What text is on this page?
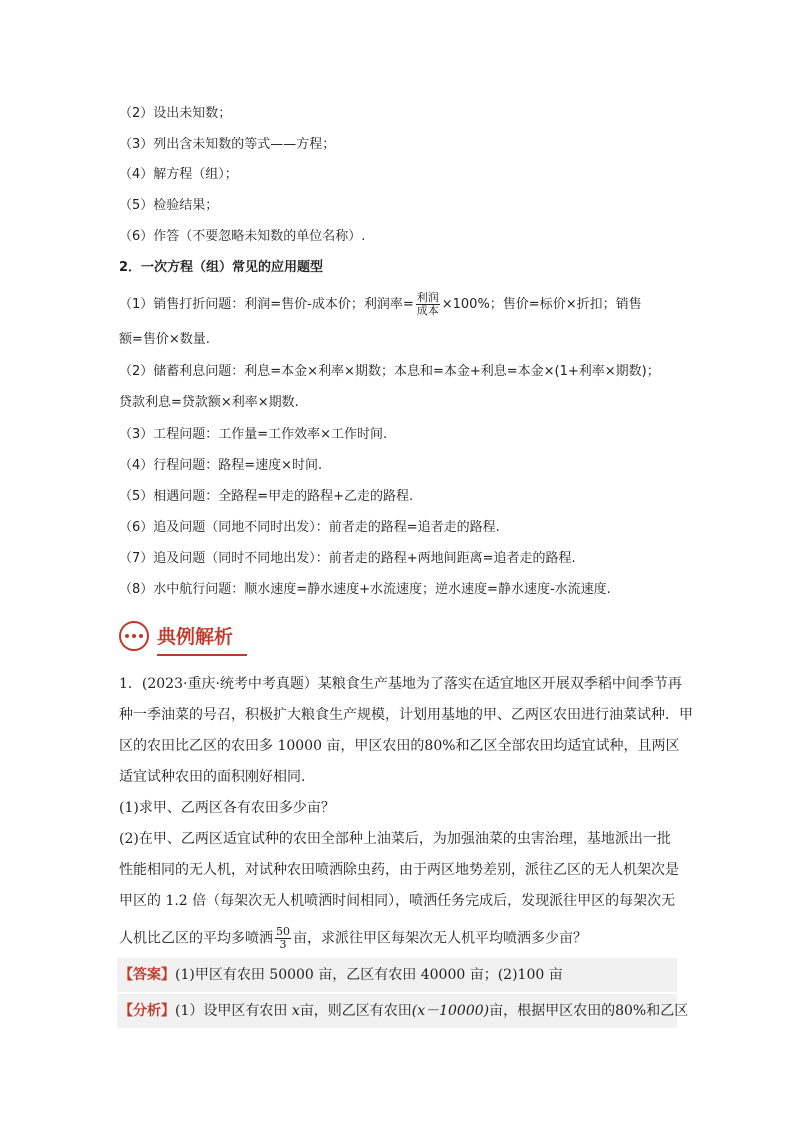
（2）设出未知数；
（3）列出含未知数的等式——方程；
（4）解方程（组）；
（5）检验结果；
（6）作答（不要忽略未知数的单位名称）.
2．一次方程（组）常见的应用题型
（1）销售打折问题：利润=售价-成本价；利润率= $\frac{\text{利润}}{\text{成本}} \times 100\%$；售价=标价×折扣；销售
额=售价×数量.
（2）储蓄利息问题：利息=本金×利率×期数；本息和=本金+利息=本金×(1+利率×期数)；
贷款利息=贷款额×利率×期数.
（3）工程问题：工作量=工作效率×工作时间.
（4）行程问题：路程=速度×时间.
（5）相遇问题：全路程=甲走的路程+乙走的路程.
（6）追及问题（同地不同时出发）：前者走的路程=追者走的路程.
（7）追及问题（同时不同地出发）：前者走的路程+两地间距离=追者走的路程.
（8）水中航行问题：顺水速度=静水速度+水流速度；逆水速度=静水速度-水流速度.
典例解析
1．(2023·重庆·统考中考真题）某粮食生产基地为了落实在适宜地区开展双季稻中间季节再
种一季油菜的号召，积极扩大粮食生产规模，计划用基地的甲、乙两区农田进行油菜试种．甲
区的农田比乙区的农田多 10000 亩，甲区农田的80%和乙区全部农田均适宜试种，且两区
适宜试种农田的面积刚好相同．
(1)求甲、乙两区各有农田多少亩？
(2)在甲、乙两区适宜试种的农田全部种上油菜后，为加强油菜的虫害治理，基地派出一批
性能相同的无人机，对试种农田喷洒除虫药，由于两区地势差别，派往乙区的无人机架次是
甲区的 1.2 倍（每架次无人机喷洒时间相同），喷洒任务完成后，发现派往甲区的每架次无
人机比乙区的平均多喷洒 $\frac{50}{3}$ 亩，求派往甲区每架次无人机平均喷洒多少亩？
【答案】(1)甲区有农田 50000 亩，乙区有农田 40000 亩；(2)100 亩
【分析】(1）设甲区有农田 x亩，则乙区有农田(x－10000)亩，根据甲区农田的80%和乙区
